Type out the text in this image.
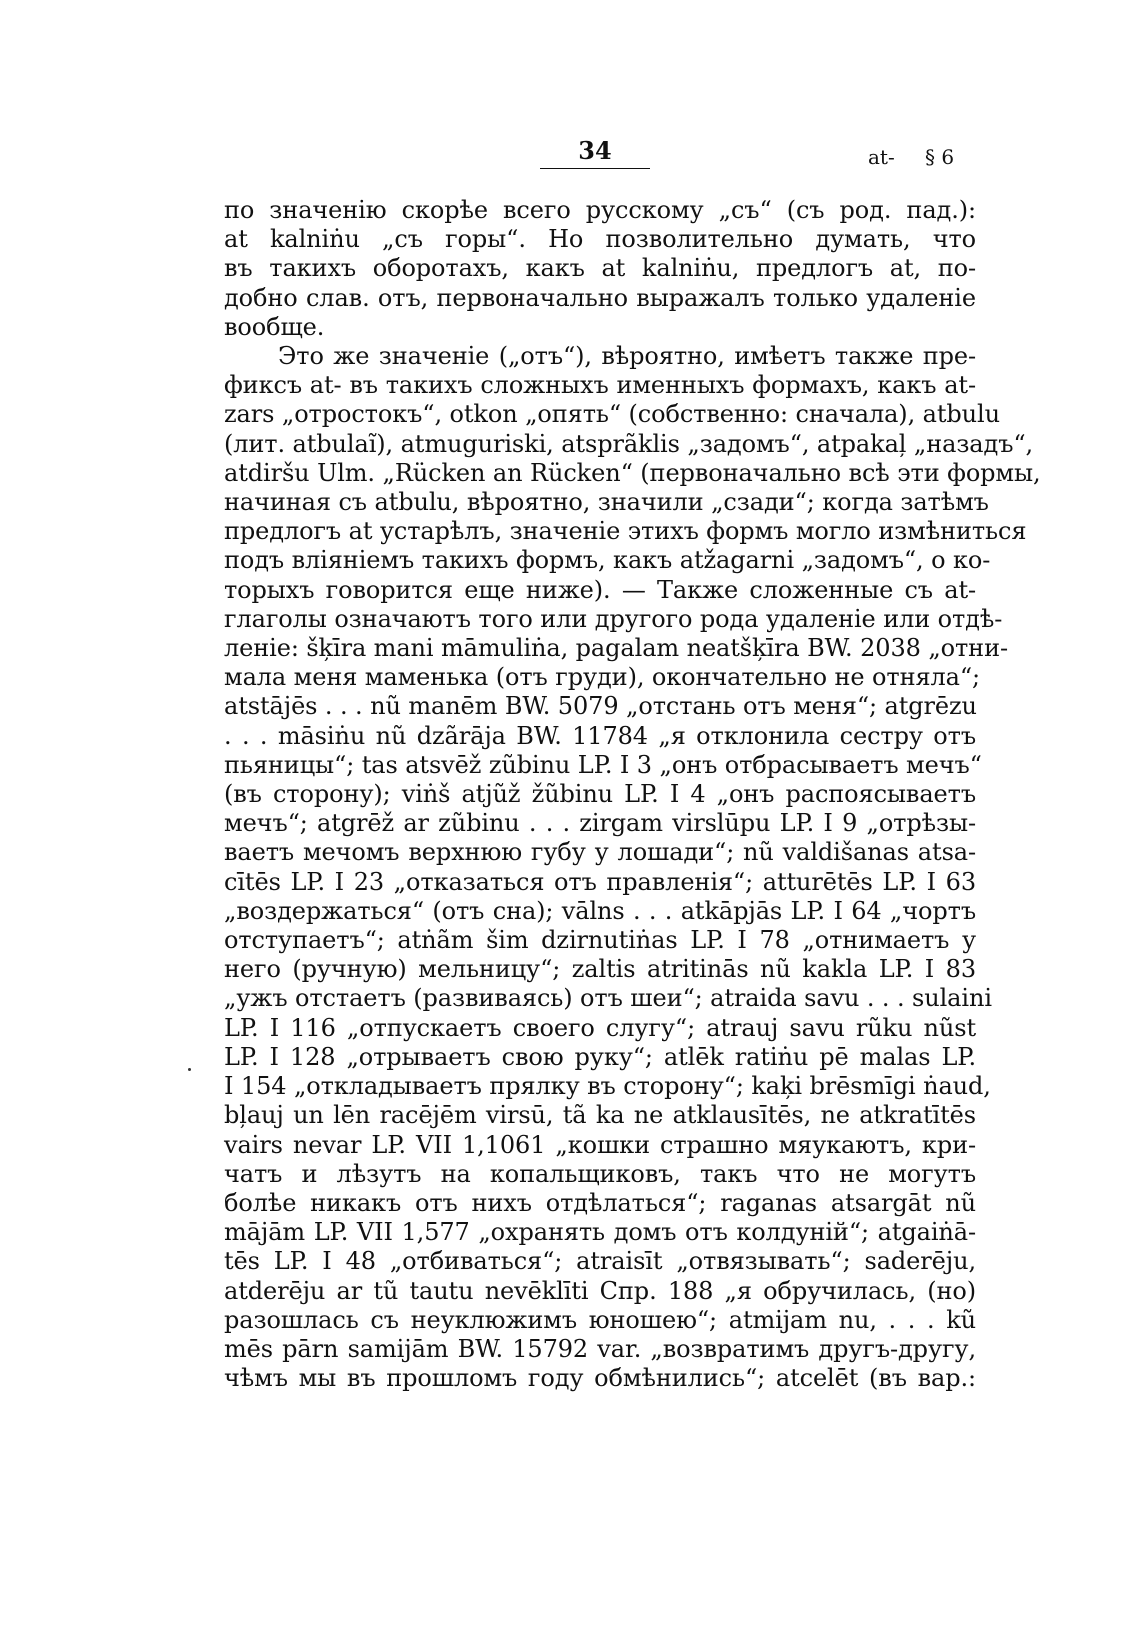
34	at- § 6
по значенію скорѣе всего русскому „съ“ (съ род. пад.):
at kalniṅu „съ горы“. Но позволительно думать, что
въ такихъ оборотахъ, какъ at kalniṅu, предлогъ at, по-
добно слав. отъ, первоначально выражалъ только удаленіе
вообще.
Это же значеніе („отъ“), вѣроятно, имѣетъ также пре-
фиксъ at- въ такихъ сложныхъ именныхъ формахъ, какъ at-
zars „отростокъ“, otkon „опять“ (собственно: сначала), atbulu
(лит. atbulaĩ), atmuguriski, atsprãklis „задомъ“, atpakaļ „назадъ“,
atdiršu Ulm. „Rücken an Rücken“ (первоначально всѣ эти формы,
начиная съ atbulu, вѣроятно, значили „сзади“; когда затѣмъ
предлогъ at устарѣлъ, значеніе этихъ формъ могло измѣниться
подъ вліяніемъ такихъ формъ, какъ atžagarni „задомъ“, о ко-
торыхъ говорится еще ниже). — Также сложенные съ at-
глаголы означаютъ того или другого рода удаленіе или отдѣ-
леніе: šķīra mani māmuliṅa, pagalam neatšķīra BW. 2038 „отни-
мала меня маменька (отъ груди), окончательно не отняла“;
atstājēs . . . nũ manēm BW. 5079 „отстань отъ меня“; atgrēzu
. . . māsiṅu nũ dzãrāja BW. 11784 „я отклонила сестру отъ
пьяницы“; tas atsvēž zũbinu LP. I 3 „онъ отбрасываетъ мечъ“
(въ сторону); viṅš atjũž žũbinu LP. I 4 „онъ распоясываетъ
мечъ“; atgrēž ar zũbinu . . . zirgam virslūpu LP. I 9 „отрѣзы-
ваетъ мечомъ верхнюю губу у лошади“; nũ valdišanas atsa-
cītēs LP. I 23 „отказаться отъ правленія“; atturētēs LP. I 63
„воздержаться“ (отъ сна); vālns . . . atkāpjās LP. I 64 „чортъ
отступаетъ“; atṅãm šim dzirnutiṅas LP. I 78 „отнимаетъ у
него (ручную) мельницу“; zaltis atritinās nũ kakla LP. I 83
„ужъ отстаетъ (развиваясь) отъ шеи“; atraida savu . . . sulaini
LP. I 116 „отпускаетъ своего слугу“; atrauj savu rũku nũst
LP. I 128 „отрываетъ свою руку“; atlēk ratiṅu pē malas LP.
I 154 „откладываетъ прялку въ сторону“; kaķi brēsmīgi ṅaud,
bļauj un lēn racējēm virsū, tã ka ne atklausītēs, ne atkratītēs
vairs nevar LP. VII 1,1061 „кошки страшно мяукаютъ, кри-
чатъ и лѣзутъ на копальщиковъ, такъ что не могутъ
болѣе никакъ отъ нихъ отдѣлаться“; raganas atsargāt nũ
mājām LP. VII 1,577 „охранять домъ отъ колдуній“; atgaiṅā-
tēs LP. I 48 „отбиваться“; atraisīt „отвязывать“; saderēju,
atderēju ar tũ tautu nevēklīti Спр. 188 „я обручилась, (но)
разошлась съ неуклюжимъ юношею“; atmijam nu, . . . kũ
mēs pārn samijām BW. 15792 var. „возвратимъ другъ-другу,
чѣмъ мы въ прошломъ году обмѣнились“; atcelēt (въ вар.:
